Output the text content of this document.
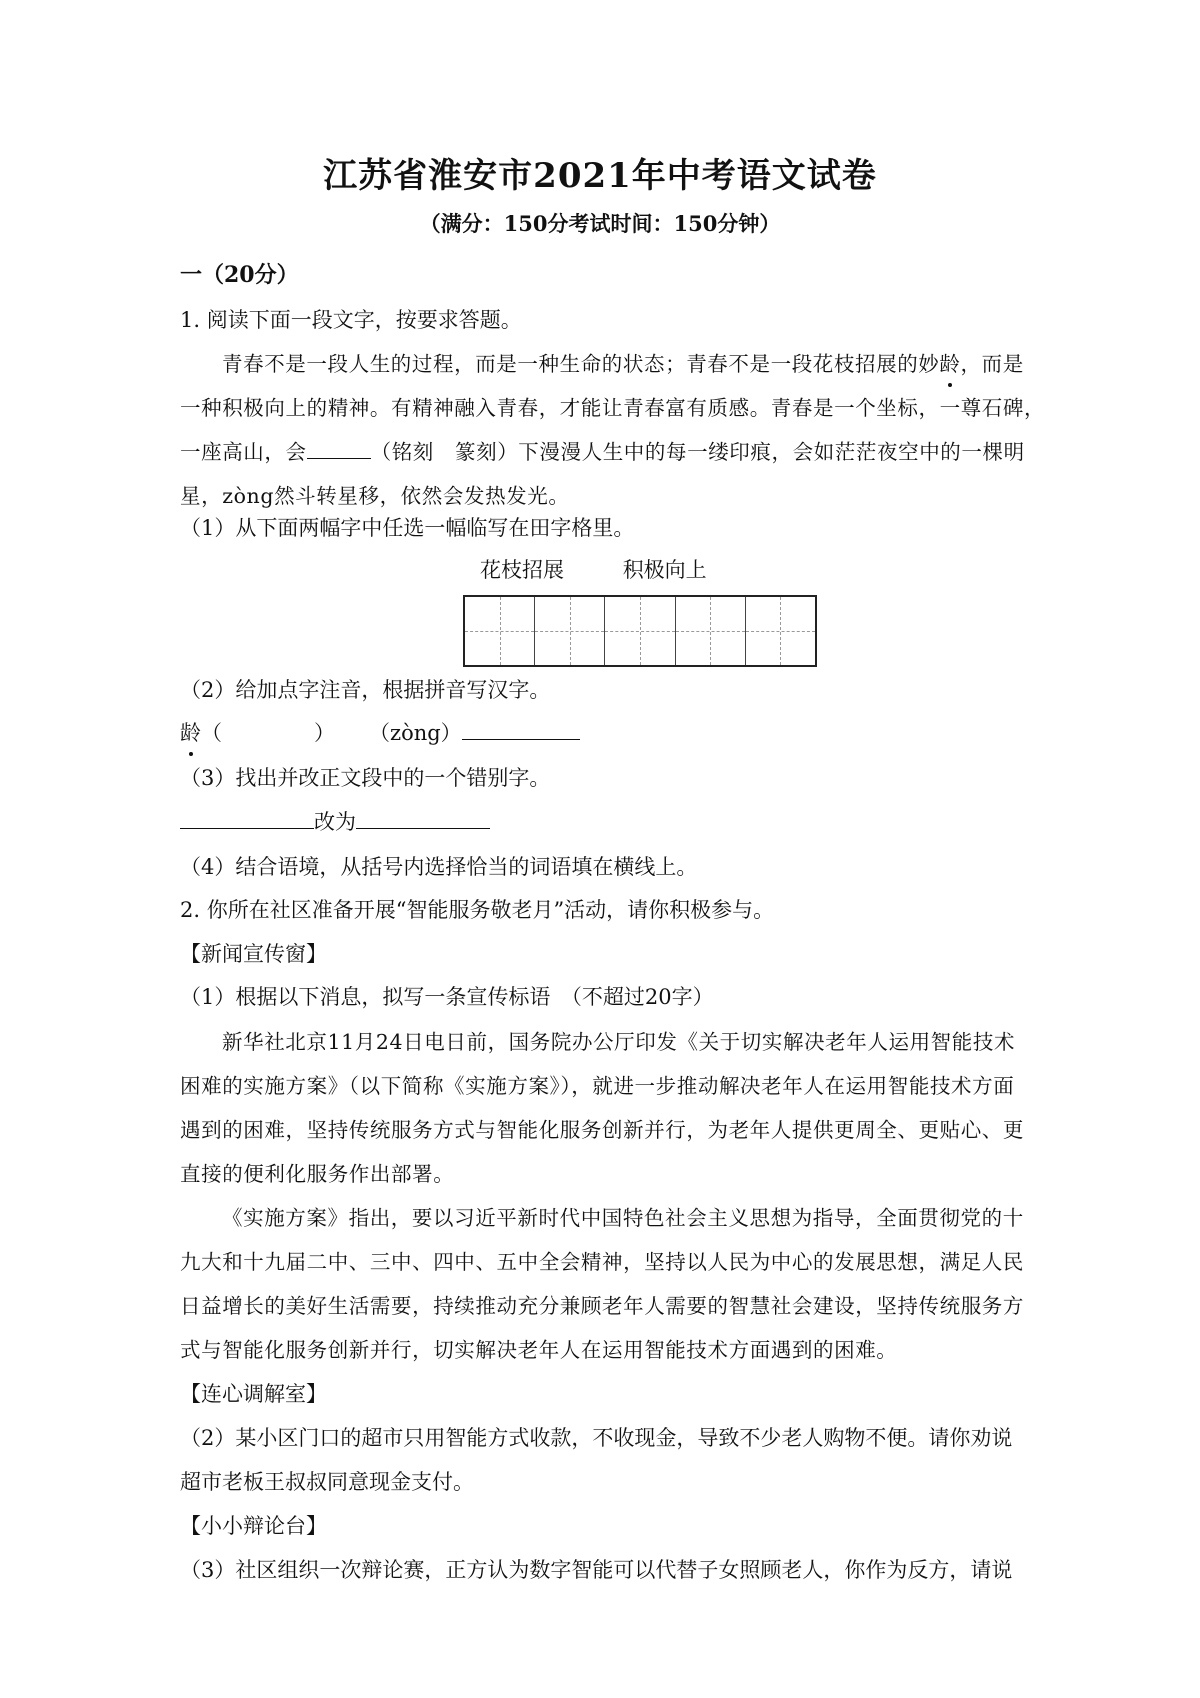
江苏省淮安市2021年中考语文试卷
（满分：150分考试时间：150分钟）
一（20分）
1. 阅读下面一段文字，按要求答题。
青春不是一段人生的过程，而是一种生命的状态；青春不是一段花枝招展的妙龄，而是
一种积极向上的精神。有精神融入青春，才能让青春富有质感。青春是一个坐标，一尊石碑，
一座高山，会	（铭刻　篆刻）下漫漫人生中的每一缕印痕，会如茫茫夜空中的一棵明
星，zòng然斗转星移，依然会发热发光。
（1）从下面两幅字中任选一幅临写在田字格里。
花枝招展	积极向上
（2）给加点字注音，根据拼音写汉字。
龄（	） （zòng）
（3）找出并改正文段中的一个错别字。
改为
（4）结合语境，从括号内选择恰当的词语填在横线上。
2. 你所在社区准备开展“智能服务敬老月”活动，请你积极参与。
【新闻宣传窗】
（1）根据以下消息，拟写一条宣传标语　（不超过20字）
新华社北京11月24日电日前，国务院办公厅印发《关于切实解决老年人运用智能技术
困难的实施方案》（以下简称《实施方案》），就进一步推动解决老年人在运用智能技术方面
遇到的困难，坚持传统服务方式与智能化服务创新并行，为老年人提供更周全、更贴心、更
直接的便利化服务作出部署。
《实施方案》指出，要以习近平新时代中国特色社会主义思想为指导，全面贯彻党的十
九大和十九届二中、三中、四中、五中全会精神，坚持以人民为中心的发展思想，满足人民
日益增长的美好生活需要，持续推动充分兼顾老年人需要的智慧社会建设，坚持传统服务方
式与智能化服务创新并行，切实解决老年人在运用智能技术方面遇到的困难。
【连心调解室】
（2）某小区门口的超市只用智能方式收款，不收现金，导致不少老人购物不便。请你劝说
超市老板王叔叔同意现金支付。
【小小辩论台】
（3）社区组织一次辩论赛，正方认为数字智能可以代替子女照顾老人，你作为反方，请说
